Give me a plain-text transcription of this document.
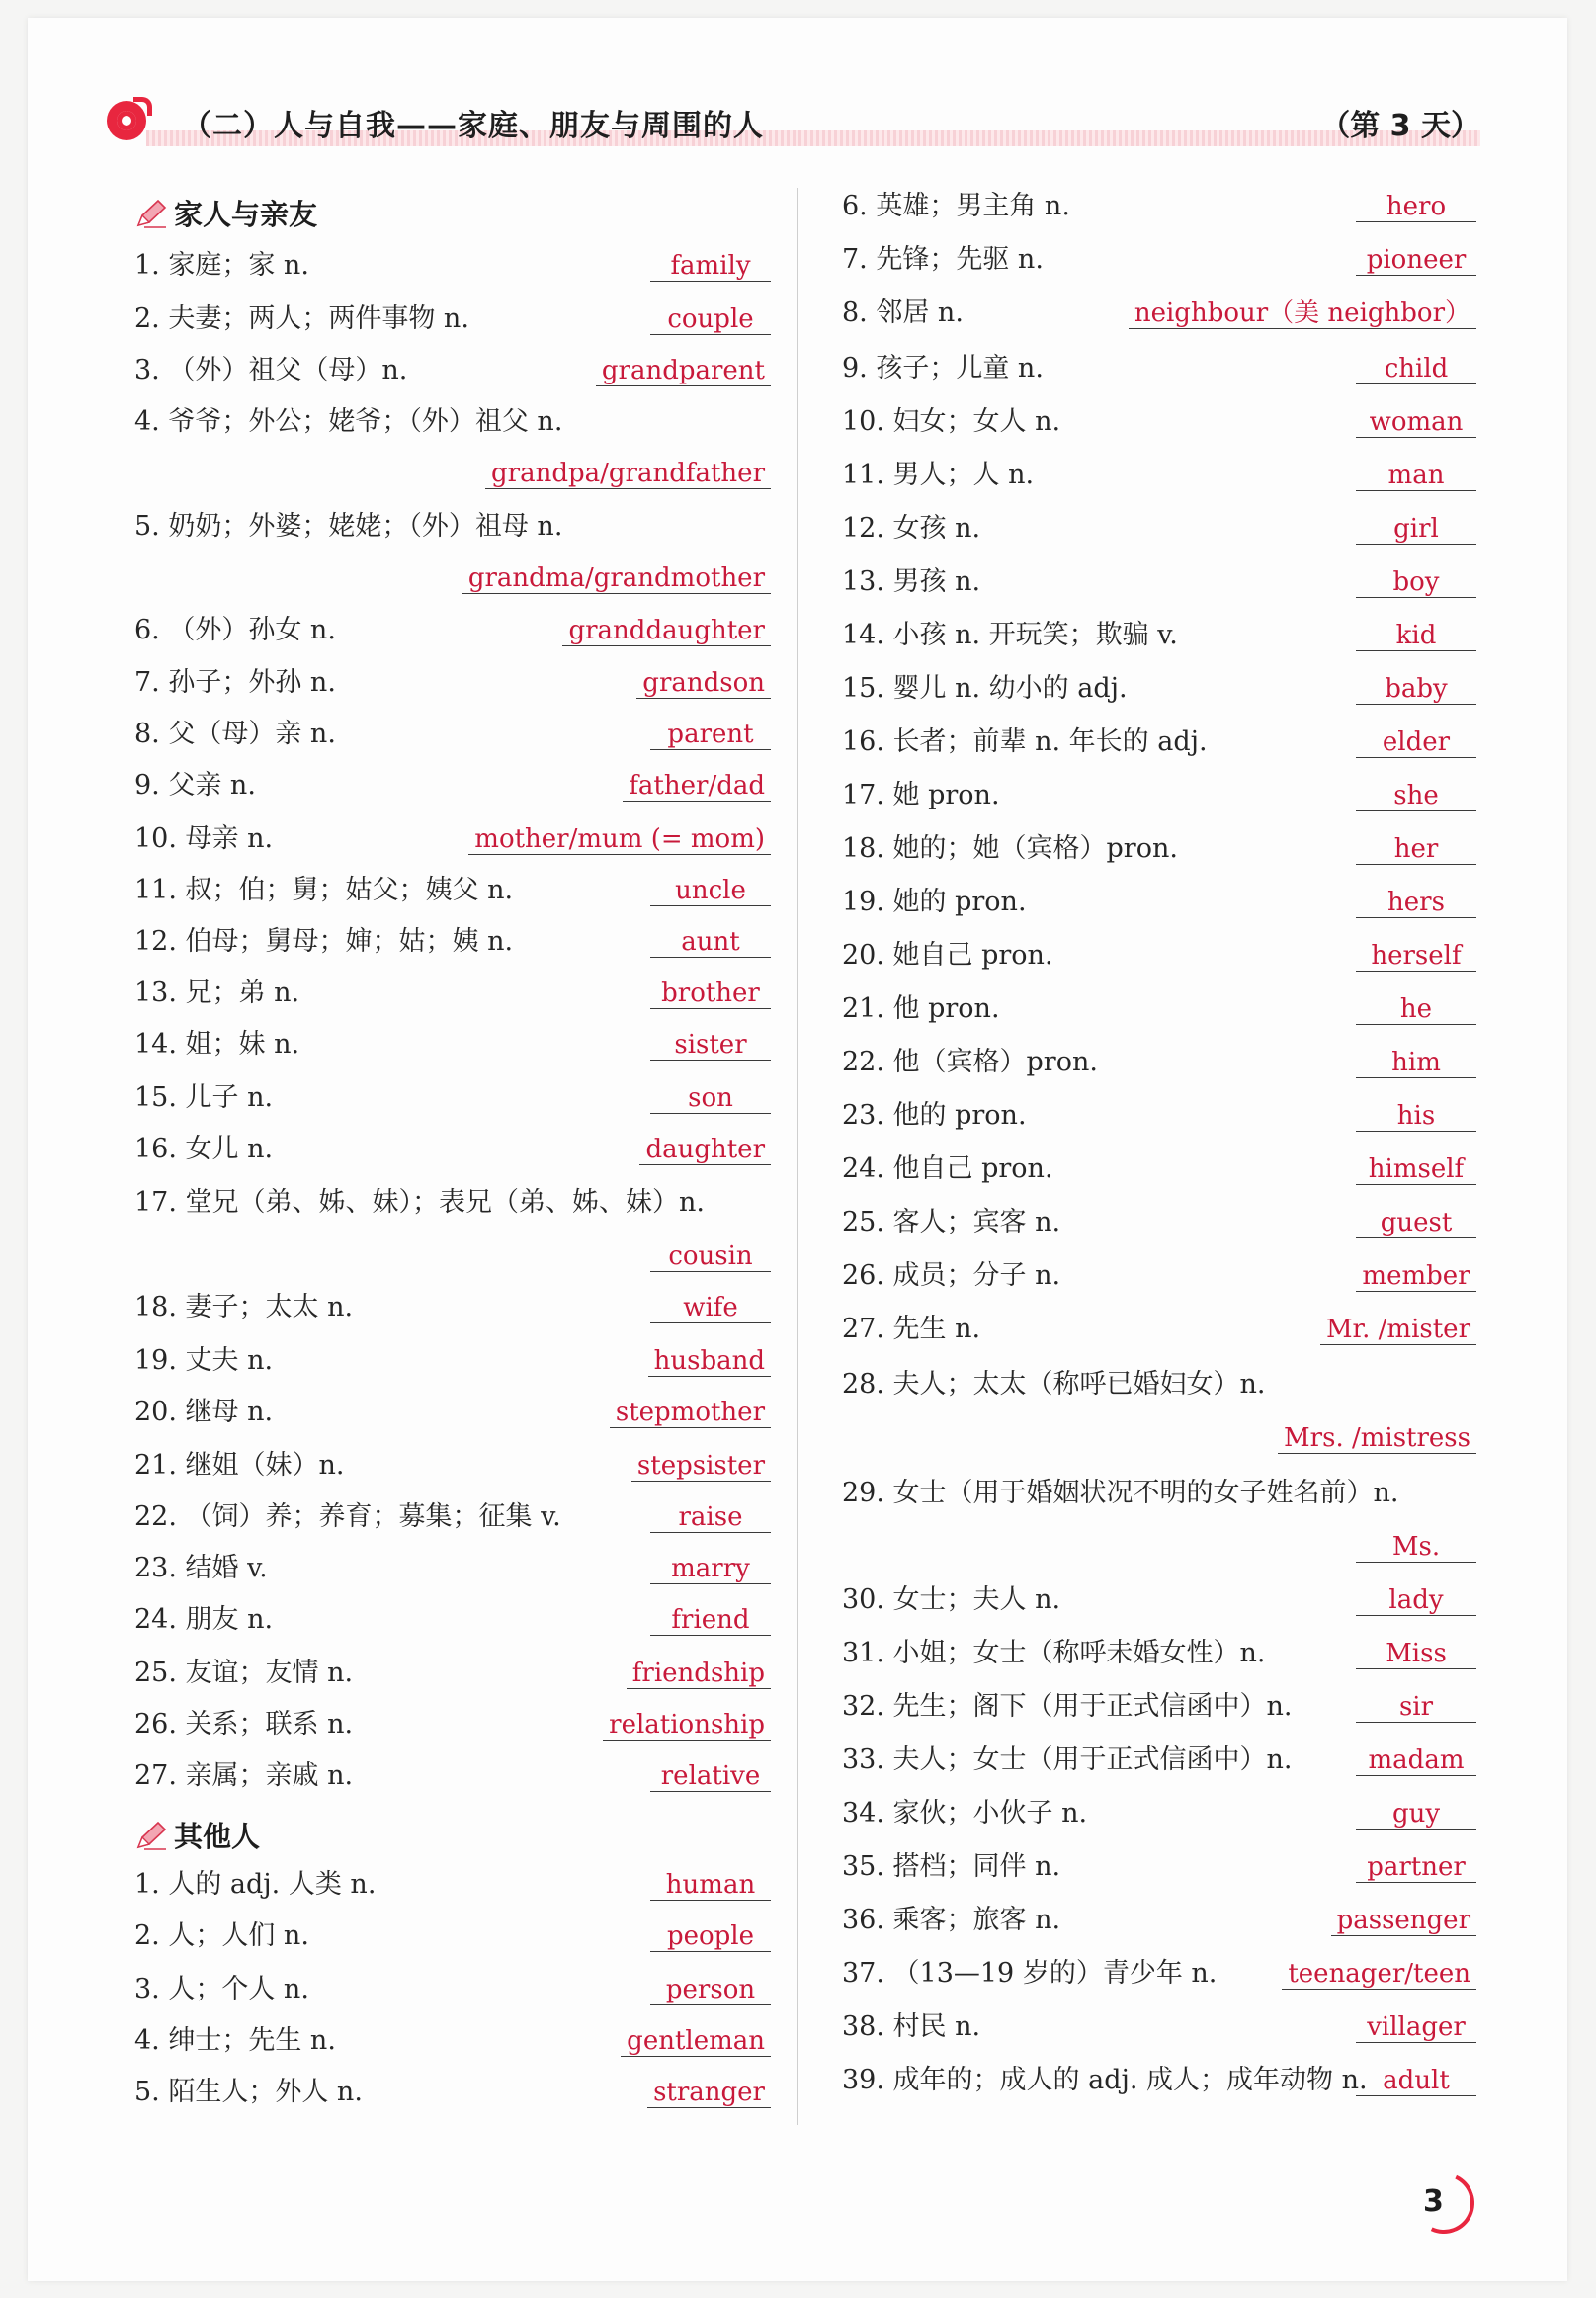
（二）人与自我——家庭、朋友与周围的人	（第 3 天）
家人与亲友
1. 家庭；家 n.	family
2. 夫妻；两人；两件事物 n.	couple
3. （外）祖父（母）n.	grandparent
4. 爷爷；外公；姥爷；（外）祖父 n.
grandpa/grandfather
5. 奶奶；外婆；姥姥；（外）祖母 n.
grandma/grandmother
6. （外）孙女 n.	granddaughter
7. 孙子；外孙 n.	grandson
8. 父（母）亲 n.	parent
9. 父亲 n.	father/dad
10. 母亲 n.	mother/mum (= mom)
11. 叔；伯；舅；姑父；姨父 n.	uncle
12. 伯母；舅母；婶；姑；姨 n.	aunt
13. 兄；弟 n.	brother
14. 姐；妹 n.	sister
15. 儿子 n.	son
16. 女儿 n.	daughter
17. 堂兄（弟、姊、妹）；表兄（弟、姊、妹）n.
cousin
18. 妻子；太太 n.	wife
19. 丈夫 n.	husband
20. 继母 n.	stepmother
21. 继姐（妹）n.	stepsister
22. （饲）养；养育；募集；征集 v.	raise
23. 结婚 v.	marry
24. 朋友 n.	friend
25. 友谊；友情 n.	friendship
26. 关系；联系 n.	relationship
27. 亲属；亲戚 n.	relative
其他人
1. 人的 adj. 人类 n.	human
2. 人；人们 n.	people
3. 人；个人 n.	person
4. 绅士；先生 n.	gentleman
5. 陌生人；外人 n.	stranger
6. 英雄；男主角 n.	hero
7. 先锋；先驱 n.	pioneer
8. 邻居 n.	neighbour（美 neighbor）
9. 孩子；儿童 n.	child
10. 妇女；女人 n.	woman
11. 男人；人 n.	man
12. 女孩 n.	girl
13. 男孩 n.	boy
14. 小孩 n. 开玩笑；欺骗 v.	kid
15. 婴儿 n. 幼小的 adj.	baby
16. 长者；前辈 n. 年长的 adj.	elder
17. 她 pron.	she
18. 她的；她（宾格）pron.	her
19. 她的 pron.	hers
20. 她自己 pron.	herself
21. 他 pron.	he
22. 他（宾格）pron.	him
23. 他的 pron.	his
24. 他自己 pron.	himself
25. 客人；宾客 n.	guest
26. 成员；分子 n.	member
27. 先生 n.	Mr. /mister
28. 夫人；太太（称呼已婚妇女）n.
Mrs. /mistress
29. 女士（用于婚姻状况不明的女子姓名前）n.
Ms.
30. 女士；夫人 n.	lady
31. 小姐；女士（称呼未婚女性）n.	Miss
32. 先生；阁下（用于正式信函中）n.	sir
33. 夫人；女士（用于正式信函中）n.	madam
34. 家伙；小伙子 n.	guy
35. 搭档；同伴 n.	partner
36. 乘客；旅客 n.	passenger
37. （13—19 岁的）青少年 n.	teenager/teen
38. 村民 n.	villager
39. 成年的；成人的 adj. 成人；成年动物 n. adult
3
